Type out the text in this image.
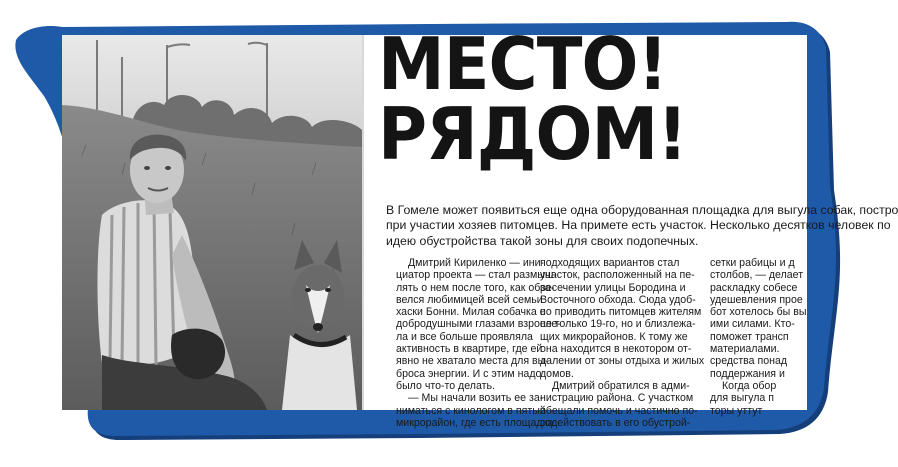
МЕСТО!
РЯДОМ!

В Гомеле может появиться еще одна оборудованная площадка для выгула собак, постро
при участии хозяев питомцев. На примете есть участок. Несколько десятков человек по
идею обустройства такой зоны для своих подопечных.

Дмитрий Кириленко — ини-
циатор проекта — стал размыш-
лять о нем после того, как обза-
велся любимицей всей семьи
хаски Бонни. Милая собачка с
добродушными глазами взросле-
ла и все больше проявляла
активность в квартире, где ей
явно не хватало места для вы-
броса энергии. И с этим надо
было что-то делать.
— Мы начали возить ее за-
ниматься с кинологом в пятый
микрорайон, где есть площадка
подходящих вариантов стал
участок, расположенный на пе-
ресечении улицы Бородина и
Восточного обхода. Сюда удоб-
но приводить питомцев жителям
не только 19-го, но и близлежа-
щих микрорайонов. К тому же
она находится в некотором от-
далении от зоны отдыха и жилых
домов.
Дмитрий обратился в адми-
нистрацию района. С участком
обещали помочь и частично по-
содействовать в его обустрой-
сетки рабицы и д
столбов, — делает
раскладку собесе
удешевления прое
бот хотелось бы вы
ими силами. Кто-
поможет трансп
материалами.
средства понад
поддержания и
Когда обор
для выгула п
торы уттут
